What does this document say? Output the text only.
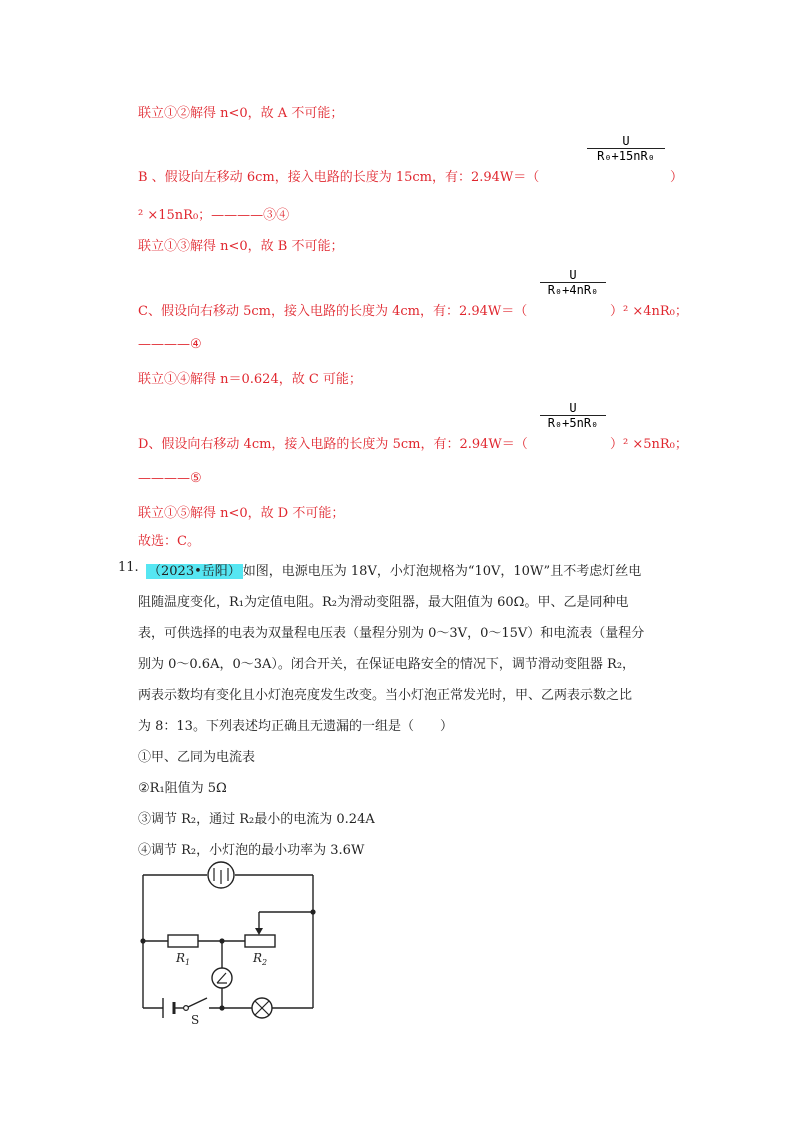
联立①②解得 n<0，故 A 不可能；
B 、假设向左移动 6cm，接入电路的长度为 15cm，有：2.94W＝（
U
R₀+15nR₀
）
² ×15nR₀；————③④
联立①③解得 n<0，故 B 不可能；
C、假设向右移动 5cm，接入电路的长度为 4cm，有：2.94W＝（
U
R₀+4nR₀
）² ×4nR₀；
————④
联立①④解得 n＝0.624，故 C 可能；
D、假设向右移动 4cm，接入电路的长度为 5cm，有：2.94W＝（
U
R₀+5nR₀
）² ×5nR₀；
————⑤
联立①⑤解得 n<0，故 D 不可能；
故选：C。
11. （2023•岳阳） 如图，电源电压为 18V，小灯泡规格为“10V，10W”且不考虑灯丝电
阻随温度变化，R₁为定值电阻。R₂为滑动变阻器，最大阻值为 60Ω。甲、乙是同种电
表，可供选择的电表为双量程电压表（量程分别为 0～3V，0～15V）和电流表（量程分
别为 0～0.6A，0～3A）。闭合开关，在保证电路安全的情况下，调节滑动变阻器 R₂，
两表示数均有变化且小灯泡亮度发生改变。当小灯泡正常发光时，甲、乙两表示数之比
为 8：13。下列表述均正确且无遗漏的一组是（　　）
①甲、乙同为电流表
②R₁阻值为 5Ω
③调节 R₂，通过 R₂最小的电流为 0.24A
④调节 R₂，小灯泡的最小功率为 3.6W
$R_1$	$R_2$
S
